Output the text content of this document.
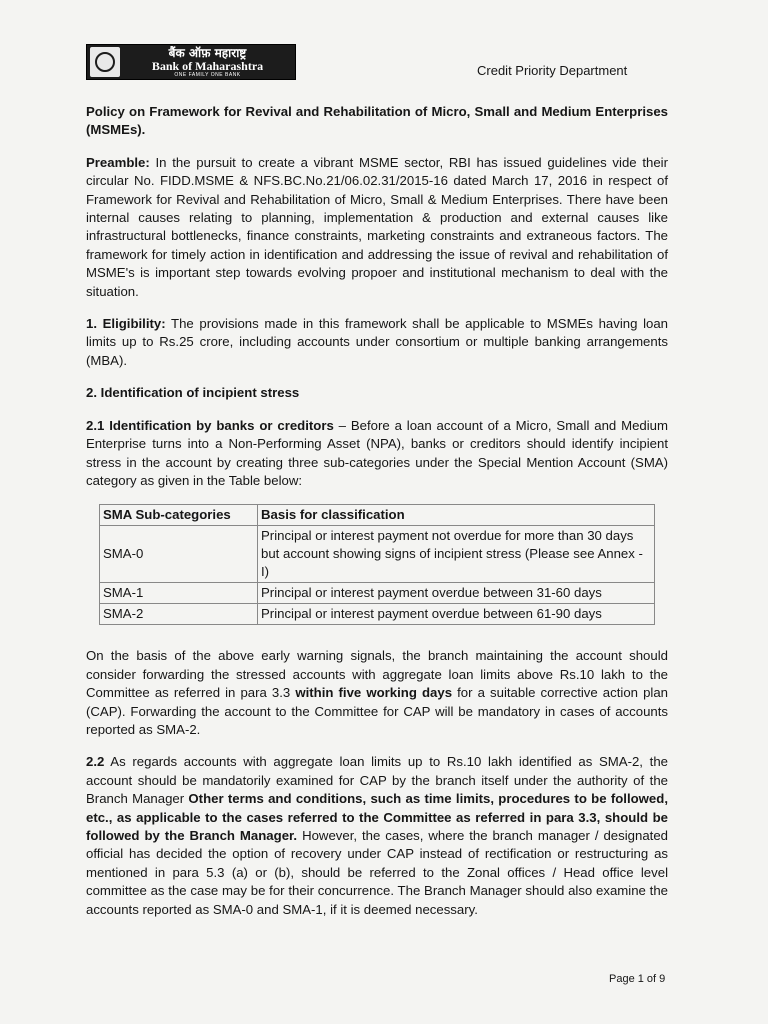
बैंक ऑफ़ महाराष्ट्र
Bank of Maharashtra
ONE FAMILY ONE BANK	Credit Priority Department

Policy on Framework for Revival and Rehabilitation of Micro, Small and Medium Enterprises (MSMEs).

Preamble: In the pursuit to create a vibrant MSME sector, RBI has issued guidelines vide their circular No. FIDD.MSME & NFS.BC.No.21/06.02.31/2015-16 dated March 17, 2016 in respect of Framework for Revival and Rehabilitation of Micro, Small & Medium Enterprises. There have been internal causes relating to planning, implementation & production and external causes like infrastructural bottlenecks, finance constraints, marketing constraints and extraneous factors. The framework for timely action in identification and addressing the issue of revival and rehabilitation of MSME's is important step towards evolving propoer and institutional mechanism to deal with the situation.

1. Eligibility: The provisions made in this framework shall be applicable to MSMEs having loan limits up to Rs.25 crore, including accounts under consortium or multiple banking arrangements (MBA).

2. Identification of incipient stress

2.1 Identification by banks or creditors – Before a loan account of a Micro, Small and Medium Enterprise turns into a Non-Performing Asset (NPA), banks or creditors should identify incipient stress in the account by creating three sub-categories under the Special Mention Account (SMA) category as given in the Table below:

SMA Sub-categories	Basis for classification
SMA-0	Principal or interest payment not overdue for more than 30 days but account showing signs of incipient stress (Please see Annex - I)
SMA-1	Principal or interest payment overdue between 31-60 days
SMA-2	Principal or interest payment overdue between 61-90 days

On the basis of the above early warning signals, the branch maintaining the account should consider forwarding the stressed accounts with aggregate loan limits above Rs.10 lakh to the Committee as referred in para 3.3 within five working days for a suitable corrective action plan (CAP). Forwarding the account to the Committee for CAP will be mandatory in cases of accounts reported as SMA-2.

2.2 As regards accounts with aggregate loan limits up to Rs.10 lakh identified as SMA-2, the account should be mandatorily examined for CAP by the branch itself under the authority of the Branch Manager Other terms and conditions, such as time limits, procedures to be followed, etc., as applicable to the cases referred to the Committee as referred in para 3.3, should be followed by the Branch Manager. However, the cases, where the branch manager / designated official has decided the option of recovery under CAP instead of rectification or restructuring as mentioned in para 5.3 (a) or (b), should be referred to the Zonal offices / Head office level committee as the case may be for their concurrence. The Branch Manager should also examine the accounts reported as SMA-0 and SMA-1, if it is deemed necessary.

Page 1 of 9
